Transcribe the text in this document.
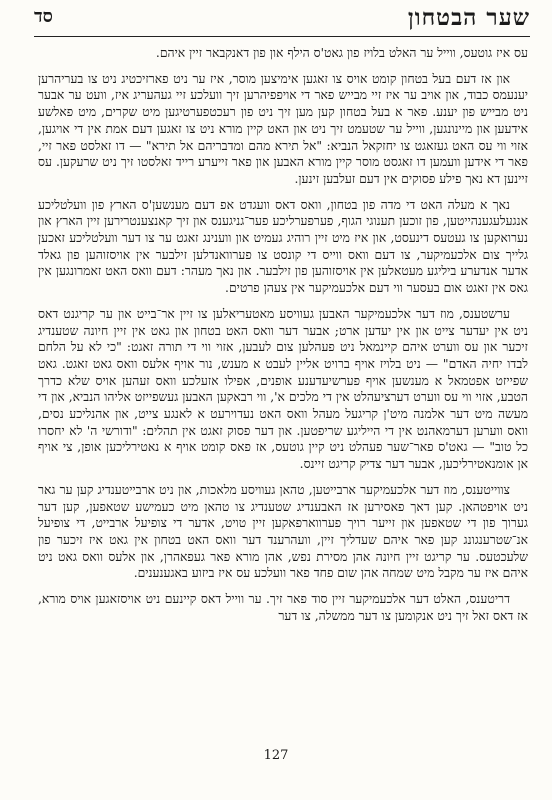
שער הבטחון
סד

עס איז גוטעס, ווייל ער האלט בלויז פון גאט'ס הילף און פון דאנקבאר זיין איהם.

און אז דעם בעל בטחון קומט אויס צו זאגען אימיצען מוסר, איז ער ניט פארזיכטיג ניט צו בעריהרען יענעמס כבוד, און אויב ער איז זיי מבייש פאר די אויפפיהרען זיך וועלכע זיי געהעריג איז, וועט ער אבער ניט מבייש פון יענע. פאר א בעל בטחון קען מען זיך ניט פון רעכטפערטיגען מיט שקרים, מיט פאלשע אידעען און מיינונגען, ווייל ער שטעמט זיך ניט און האט קיין מורא ניט צו זאגען דעם אמת אין די אויגען, אזוי ווי עס האט געזאגט צו יחזקאל הנביא: "אל תירא מהם ומדבריהם אל תירא" — דו זאלסט פאר זיי, פאר די אידען וועמען דו זאגסט מוסר קיין מורא האבען און פאר זייערע רייד זאלסטו זיך ניט שרעקען. עס זיינען דא נאך פילע פסוקים אין דעם זעלבען זינען.

נאך א מעלה האט די מדה פון בטחון, וואס דאס וועגדט אפ דעם מענשען'ס הארץ פון וועלטליכע אנגעלעגענהייטען, פון זוכען תענוגי הגוף, פערפערליכע פער־גניגענס און זיך קאנצענטרירען זיין הארץ און נערואקען צו געטעס דינעסט, און איז מיט זיין רוהיג געמיט און ווענינג זאגט ער צו דער וועלטליכע זאכען גלייך צום אלכעמיקער, צו דעם וואס ווייס די קונסט צו פערוואנדלען זילבער אין אויסזוהען פון גאלד אדער אנדערע ביליגע מעטאלען אין אויסזוהען פון זילבער. און נאך מעהר: דעם וואס האט זאמרונגען אין גאס אין זאגט אום בעסער ווי דעם אלכעמיקער אין צעהן פרטים.

ערשטענס, מוז דער אלכעמיקער האבען געוויסע מאטעריאלען צו זיין אר־בייט און ער קריגנט דאס ניט אין יעדער צייט און אין יעדען ארט; אבער דער וואס האט בטחון און גאט אין זיין חיונה שטענדיג זיכער און עס ווערט איהם קיינמאל ניט פעהלען צום לעבען, אזוי ווי די תורה זאגט: "כי לא על הלחם לבדו יחיה האדם" — ניט בלויז אויף ברויט אליין לעבט א מענש, נור אויף אלעס וואס גאט זאגט. גאט שפייזט אפטמאל א מענשען אויף פערשיעדענע אופנים, אפילו אזעלכע וואס זעהען אויס שלא כדרך הטבע, אזוי ווי עס ווערט דערציעהלט אין די מלכים א', ווי רבאקען האבען געשפייזט אליהו הנביא, און די מעשה מיט דער אלמנה מיט'ן קריגעל מעהל וואס האט נעדוירעט א לאנגע צייט, און אהנליכע נסים, וואס ווערען דערמאהנט אין די הייליגע שריפטען. און דער פסוק זאגט אין תהלים: "ודורשי ה' לא יחסרו כל טוב" — גאט'ס פאר־שער פעהלט ניט קיין גוטעס, אז פאס קומט אויף א נאטירליכען אופן, צי אויף אן אומנאטירליכען, אבער דער צדיק קריגט זיינס.

צווייטענס, מוז דער אלכעמיקער ארבייטען, טהאן געוויסע מלאכות, און ניט ארבייטענדיג קען ער גאר ניט אויפטהאן. קען דאך פאסירען אז האבענדיג שטענדיג צו טהאן מיט כעמישע שטאפען, קען דער גערוך פון די שטאפען און זייער רויך פערווארפאקען זיין טויט, אדער די צופיעל ארבייט, די צופיעל אנ־שטרענגונג קען פאר איהם שעדליך זיין, וועהרענד דער וואס האט בטחון אין גאט איז זיכער פון שלעכטעס. ער קריגט זיין חיונה אהן מסירת נפש, אהן מורא פאר געפאהרן, און אלעס וואס גאט ניט איהם איז ער מקבל מיט שמחה אהן שום פחד פאר וועלכע עס איז ביזוע באגענענים.

דריטענס, האלט דער אלכעמיקער זיין סוד פאר זיך. ער ווייל דאס קיינעם ניט אויסזאגען אויס מורא, אז דאס זאל זיך ניט אנקומען צו דער ממשלה, צו דער

127
